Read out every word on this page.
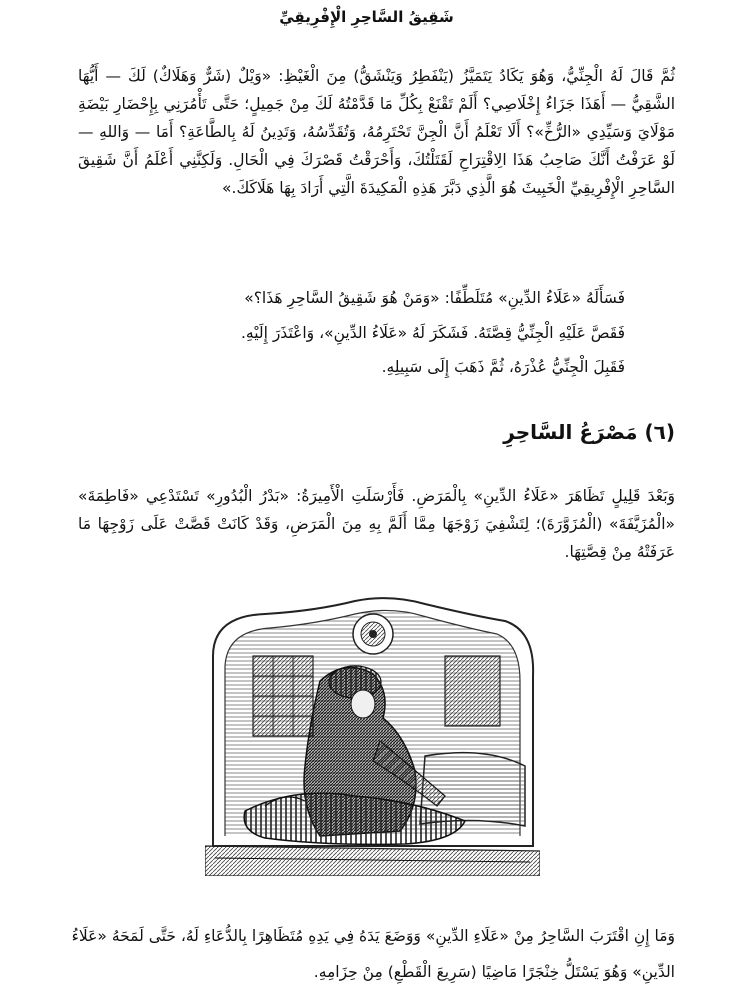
شَقِيقُ السَّاحِرِ الْإِفْرِيقِيِّ

ثُمَّ قَالَ لَهُ الْجِنِّيُّ، وَهُوَ يَكَادُ يَتَمَيَّزُ (يَنْفَطِرُ وَيَنْشَقُّ) مِنَ الْغَيْظِ: «وَيْلٌ (شَرٌّ وَهَلَاكٌ) لَكَ — أَيُّهَا الشَّقِيُّ — أَهَذَا جَزَاءُ إِخْلَاصِي؟ أَلَمْ تَقْنَعْ بِكُلِّ مَا قَدَّمْتُهُ لَكَ مِنْ جَمِيلٍ؛ حَتَّى تَأْمُرَنِي بِإِحْضَارِ بَيْضَةِ مَوْلَايَ وَسَيِّدِي «الرُّخِّ»؟ أَلَا تَعْلَمُ أَنَّ الْجِنَّ تَحْتَرِمُهُ، وَتُقَدِّسُهُ، وَتَدِينُ لَهُ بِالطَّاعَةِ؟ أَمَا — وَاللهِ — لَوْ عَرَفْتُ أَنَّكَ صَاحِبُ هَذَا الِاقْتِرَاحِ لَقَتَلْتُكَ، وَأَحْرَقْتُ قَصْرَكَ فِي الْحَالِ. وَلَكِنَّنِي أَعْلَمُ أَنَّ شَقِيقَ السَّاحِرِ الْإِفْرِيقِيِّ الْخَبِيثَ هُوَ الَّذِي دَبَّرَ هَذِهِ الْمَكِيدَةَ الَّتِي أَرَادَ بِهَا هَلَاكَكَ.»

فَسَأَلَهُ «عَلَاءُ الدِّينِ» مُتَلَطِّفًا: «وَمَنْ هُوَ شَقِيقُ السَّاحِرِ هَذَا؟»

فَقَصَّ عَلَيْهِ الْجِنِّيُّ قِصَّتَهُ. فَشَكَرَ لَهُ «عَلَاءُ الدِّينِ»، وَاعْتَذَرَ إِلَيْهِ.

فَقَبِلَ الْجِنِّيُّ عُذْرَهُ، ثُمَّ ذَهَبَ إِلَى سَبِيلِهِ.

(٦) مَصْرَعُ السَّاحِرِ

وَبَعْدَ قَلِيلٍ تَظَاهَرَ «عَلَاءُ الدِّينِ» بِالْمَرَضِ. فَأَرْسَلَتِ الْأَمِيرَةُ: «بَدْرُ الْبُدُورِ» تَسْتَدْعِي «فَاطِمَةَ» «الْمُزَيَّفَةَ» (الْمُزَوَّرَةَ)؛ لِتَشْفِيَ زَوْجَهَا مِمَّا أَلَمَّ بِهِ مِنَ الْمَرَضِ، وَقَدْ كَانَتْ قَصَّتْ عَلَى زَوْجِهَا مَا عَرَفَتْهُ مِنْ قِصَّتِهَا.

وَمَا إِنِ اقْتَرَبَ السَّاحِرُ مِنْ «عَلَاءِ الدِّينِ» وَوَضَعَ يَدَهُ فِي يَدِهِ مُتَظَاهِرًا بِالدُّعَاءِ لَهُ، حَتَّى لَمَحَهُ «عَلَاءُ الدِّينِ» وَهُوَ يَسْتَلُّ خِنْجَرًا مَاضِيًا (سَرِيعَ الْقَطْعِ) مِنْ حِزَامِهِ.
